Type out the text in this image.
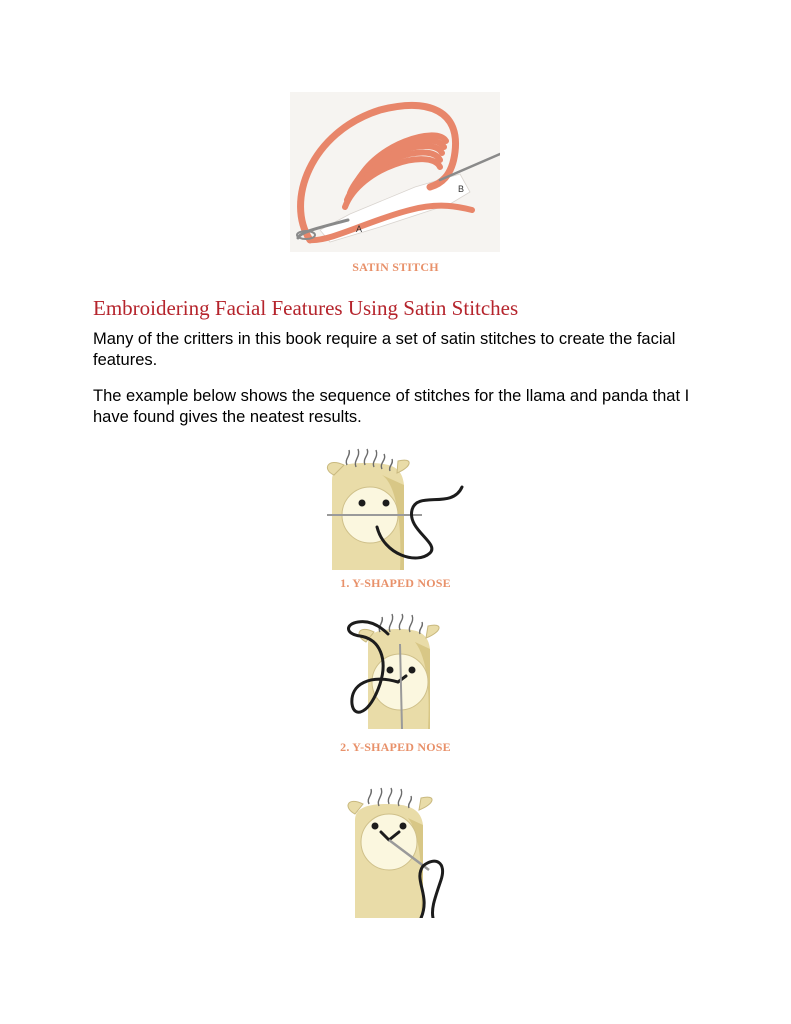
B
A
SATIN STITCH
Embroidering Facial Features Using Satin Stitches

Many of the critters in this book require a set of satin stitches to create the facial features.

The example below shows the sequence of stitches for the llama and panda that I have found gives the neatest results.

1. Y-SHAPED NOSE
2. Y-SHAPED NOSE
